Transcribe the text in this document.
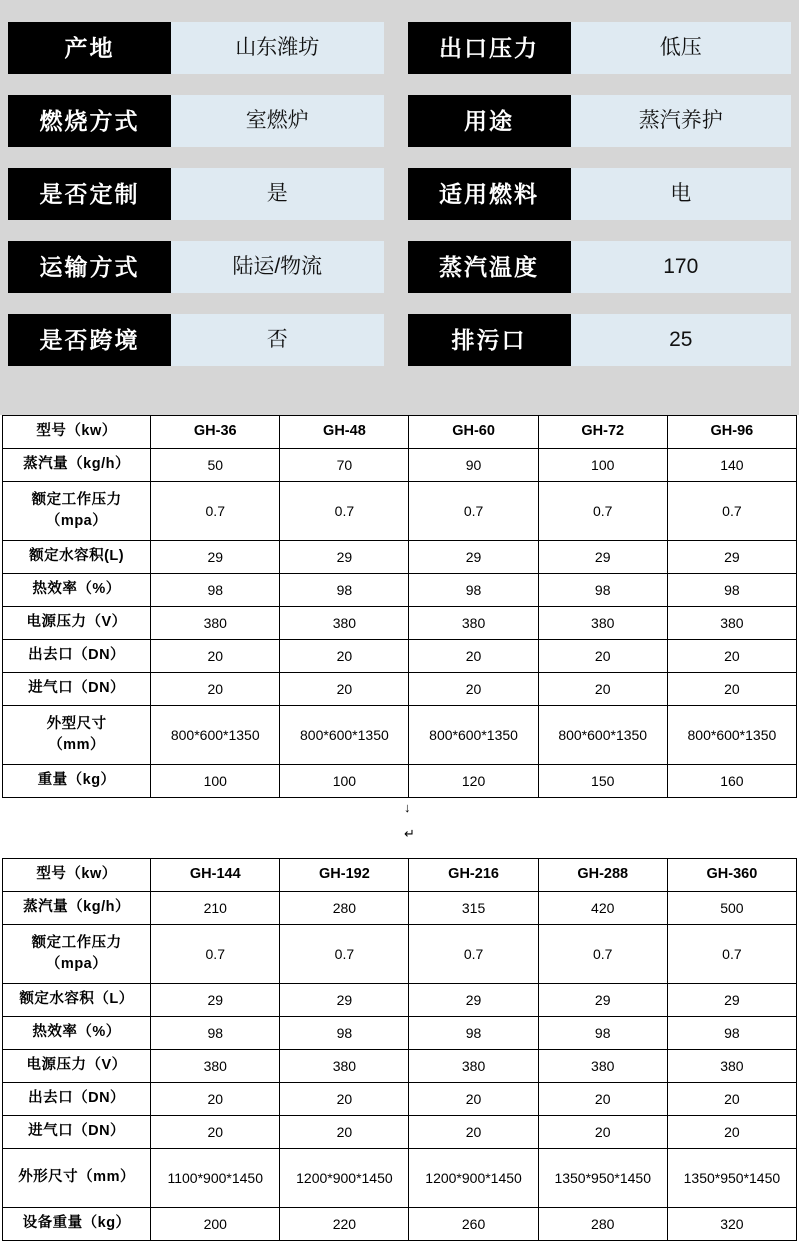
产地	山东潍坊	出口压力	低压
燃烧方式	室燃炉	用途	蒸汽养护
是否定制	是	适用燃料	电
运输方式	陆运/物流	蒸汽温度	170
是否跨境	否	排污口	25
型号（kw）	GH-36	GH-48	GH-60	GH-72	GH-96
蒸汽量（kg/h）	50	70	90	100	140

额定工作压力
（mpa）	0.7	0.7	0.7	0.7	0.7
额定水容积(L)	29	29	29	29	29
热效率（%）	98	98	98	98	98
电源压力（V）	380	380	380	380	380
出去口（DN）	20	20	20	20	20
进气口（DN）	20	20	20	20	20

外型尺寸
（mm）	800*600*1350	800*600*1350	800*600*1350	800*600*1350	800*600*1350
重量（kg）	100	100	120	150	160
↓
↵
型号（kw）	GH-144	GH-192	GH-216	GH-288	GH-360
蒸汽量（kg/h）	210	280	315	420	500

额定工作压力
（mpa）	0.7	0.7	0.7	0.7	0.7
额定水容积（L）	29	29	29	29	29
热效率（%）	98	98	98	98	98
电源压力（V）	380	380	380	380	380
出去口（DN）	20	20	20	20	20
进气口（DN）	20	20	20	20	20
外形尺寸（mm）	1100*900*1450	1200*900*1450	1200*900*1450	1350*950*1450	1350*950*1450
设备重量（kg）	200	220	260	280	320
